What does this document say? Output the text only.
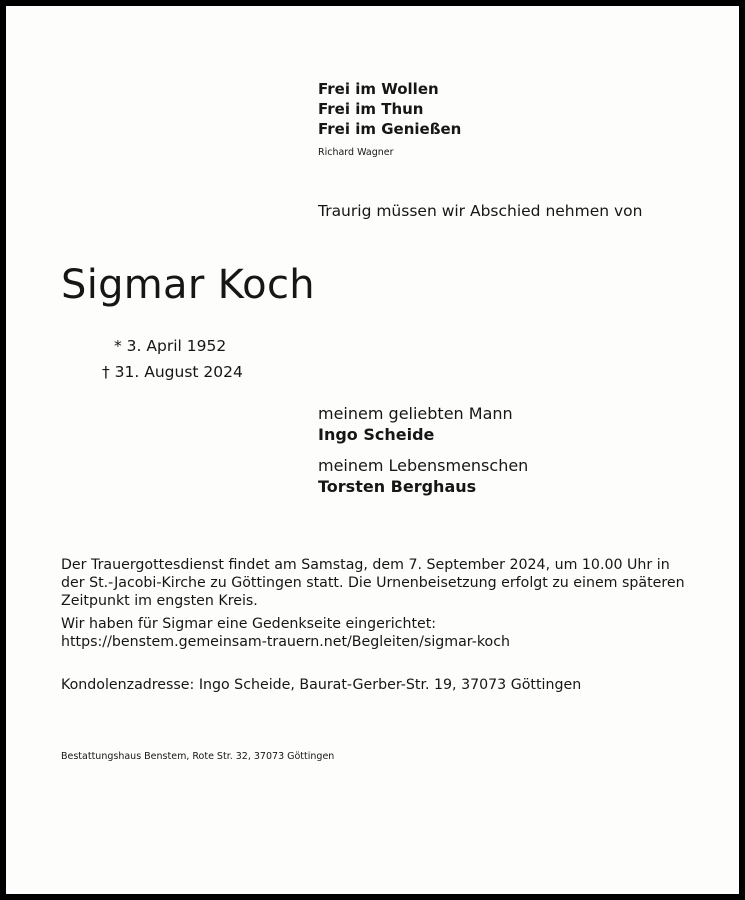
Frei im Wollen
Frei im Thun
Frei im Genießen
Richard Wagner
Traurig müssen wir Abschied nehmen von
Sigmar Koch
* 3. April 1952
† 31. August 2024
meinem geliebten Mann
Ingo Scheide
meinem Lebensmenschen
Torsten Berghaus
Der Trauergottesdienst findet am Samstag, dem 7. September 2024, um 10.00 Uhr in
der St.-Jacobi-Kirche zu Göttingen statt. Die Urnenbeisetzung erfolgt zu einem späteren
Zeitpunkt im engsten Kreis.
Wir haben für Sigmar eine Gedenkseite eingerichtet:
https://benstem.gemeinsam-trauern.net/Begleiten/sigmar-koch
Kondolenzadresse: Ingo Scheide, Baurat-Gerber-Str. 19, 37073 Göttingen
Bestattungshaus Benstem, Rote Str. 32, 37073 Göttingen
